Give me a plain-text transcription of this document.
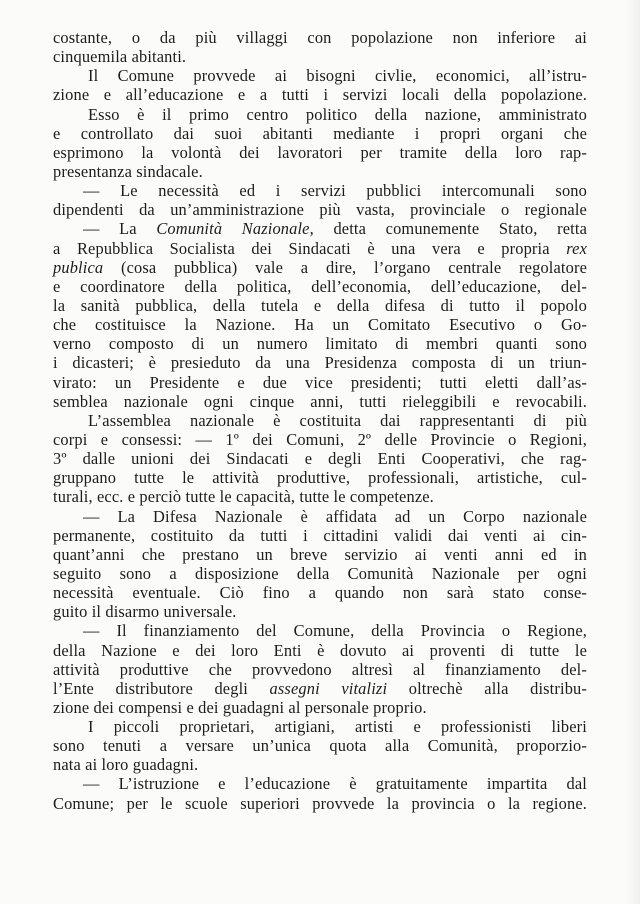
costante, o da più villaggi con popolazione non inferiore ai
cinquemila abitanti.
Il Comune provvede ai bisogni civlie, economici, all’istru-
zione e all’educazione e a tutti i servizi locali della popolazione.
Esso è il primo centro politico della nazione, amministrato
e controllato dai suoi abitanti mediante i propri organi che
esprimono la volontà dei lavoratori per tramite della loro rap-
presentanza sindacale.
— Le necessità ed i servizi pubblici intercomunali sono
dipendenti da un’amministrazione più vasta, provinciale o regionale
— La Comunità Nazionale, detta comunemente Stato, retta
a Repubblica Socialista dei Sindacati è una vera e propria rex
publica (cosa pubblica) vale a dire, l’organo centrale regolatore
e coordinatore della politica, dell’economia, dell’educazione, del-
la sanità pubblica, della tutela e della difesa di tutto il popolo
che costituisce la Nazione. Ha un Comitato Esecutivo o Go-
verno composto di un numero limitato di membri quanti sono
i dicasteri; è presieduto da una Presidenza composta di un triun-
virato: un Presidente e due vice presidenti; tutti eletti dall’as-
semblea nazionale ogni cinque anni, tutti rieleggibili e revocabili.
L’assemblea nazionale è costituita dai rappresentanti di più
corpi e consessi: — 1º dei Comuni, 2º delle Provincie o Regioni,
3º dalle unioni dei Sindacati e degli Enti Cooperativi, che rag-
gruppano tutte le attività produttive, professionali, artistiche, cul-
turali, ecc. e perciò tutte le capacità, tutte le competenze.
— La Difesa Nazionale è affidata ad un Corpo nazionale
permanente, costituito da tutti i cittadini validi dai venti ai cin-
quant’anni che prestano un breve servizio ai venti anni ed in
seguito sono a disposizione della Comunità Nazionale per ogni
necessità eventuale. Ciò fino a quando non sarà stato conse-
guito il disarmo universale.
— Il finanziamento del Comune, della Provincia o Regione,
della Nazione e dei loro Enti è dovuto ai proventi di tutte le
attività produttive che provvedono altresì al finanziamento del-
l’Ente distributore degli assegni vitalizi oltrechè alla distribu-
zione dei compensi e dei guadagni al personale proprio.
I piccoli proprietari, artigiani, artisti e professionisti liberi
sono tenuti a versare un’unica quota alla Comunità, proporzio-
nata ai loro guadagni.
— L’istruzione e l’educazione è gratuitamente impartita dal
Comune; per le scuole superiori provvede la provincia o la regione.
